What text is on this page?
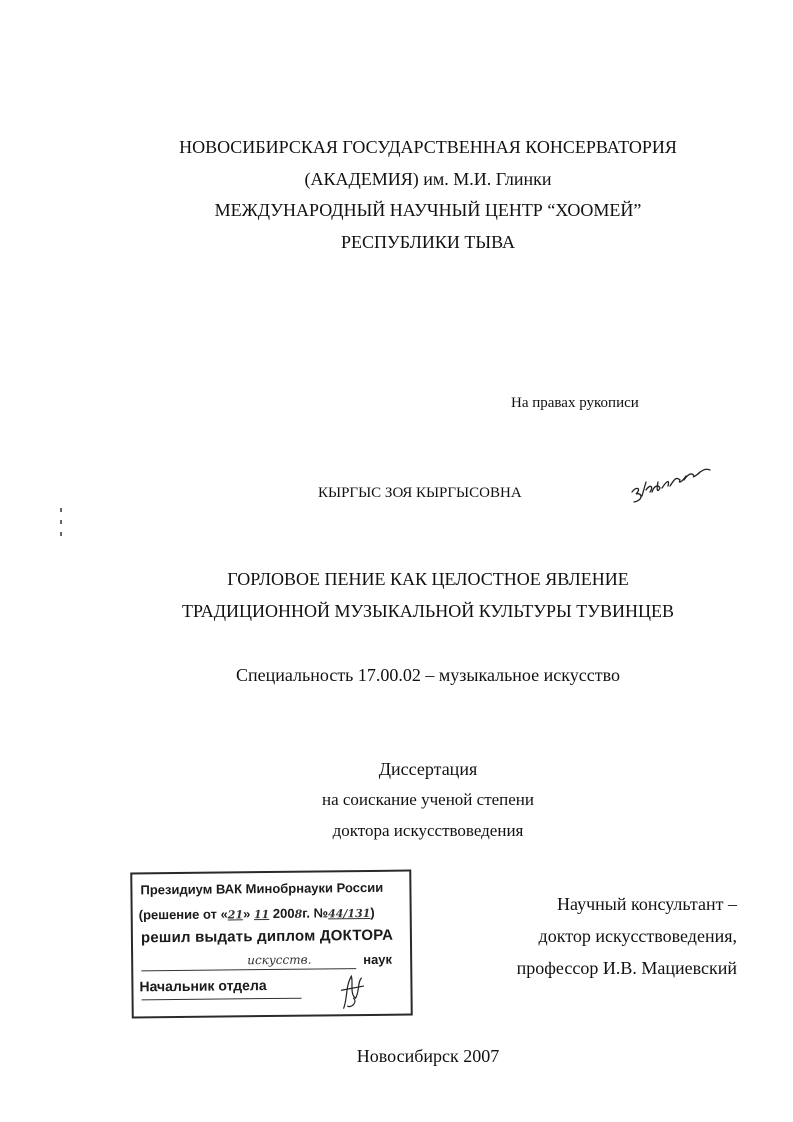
НОВОСИБИРСКАЯ ГОСУДАРСТВЕННАЯ КОНСЕРВАТОРИЯ
(АКАДЕМИЯ) им. М.И. Глинки
МЕЖДУНАРОДНЫЙ НАУЧНЫЙ ЦЕНТР “ХООМЕЙ”
РЕСПУБЛИКИ ТЫВА
На правах рукописи
КЫРГЫС ЗОЯ КЫРГЫСОВНА
ГОРЛОВОЕ ПЕНИЕ КАК ЦЕЛОСТНОЕ ЯВЛЕНИЕ
ТРАДИЦИОННОЙ МУЗЫКАЛЬНОЙ КУЛЬТУРЫ ТУВИНЦЕВ
Специальность 17.00.02 – музыкальное искусство
Диссертация
на соискание ученой степени
доктора искусствоведения
Научный консультант –
доктор искусствоведения,
профессор И.В. Мациевский
Президиум ВАК Минобрнауки России
(решение от «21» 11 2008г. №44/131)
решил выдать диплом ДОКТОРА
искусств.	наук
Начальник отдела
Новосибирск 2007
